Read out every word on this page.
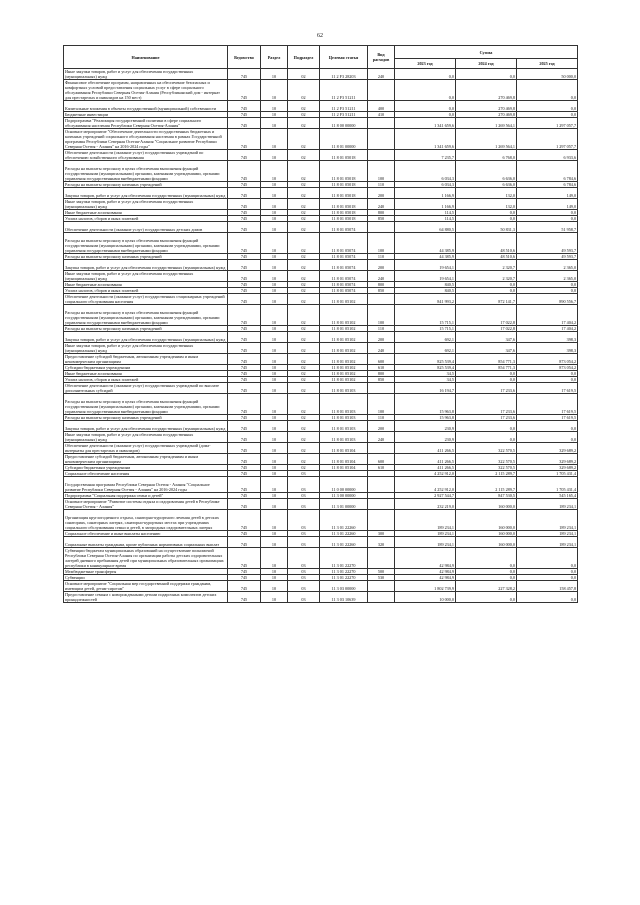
62
Наименование	Ведомство	Раздел	Подраздел	Целевая статья	Вид расходов	Сумма		
						2023 год	2024 год	2025 год
Иные закупки товаров, работ и услуг для обеспечения государственных (муниципальных) нужд	745	10	02	11 2 F3 28203	240	0,0	0,0	50 000,0
Финансовое обеспечение программ, направленных на обеспечение безопасных и комфортных условий предоставления социальных услуг в сфере социального обслуживания Республики Северная Осетия-Алания (Республиканский дом - интернат для престарелых и инвалидов на 150 мест)	745	10	02	11 2 F3 51211		0,0	270 469,8	0,0
Капитальные вложения в объекты государственной (муниципальной) собственности	745	10	02	11 2 F3 51211	400	0,0	270 469,8	0,0
Бюджетные инвестиции	745	10	02	11 2 F3 51211	410	0,0	270 469,8	0,0
Подпрограмма "Реализация государственной политики в сфере социального обслуживания населения Республики Северная Осетия-Алания"	745	10	02	11 8 00 00000		1 341 659,6	1 269 564,1	1 297 057,7
Основное мероприятие "Обеспечение деятельности государственных бюджетных и казенных учреждений социального обслуживания населения в рамках Государственной программы Республики Северная Осетия-Алания "Социальное развитие Республики Северная Осетия - Алания" на 2016-2024 годы"	745	10	02	11 8 01 00000		1 341 659,6	1 269 564,1	1 297 057,7
Обеспечение деятельности (оказание услуг) государственных учреждений по обеспечению хозяйственного обслуживания	745	10	02	11 8 01 05018		7 235,7	6 768,0	6 933,6
Расходы на выплаты персоналу в целях обеспечения выполнения функций государственными (муниципальными) органами, казенными учреждениями, органами управления государственными внебюджетными фондами	745	10	02	11 8 01 05018	100	6 034,3	6 636,0	6 784,6
Расходы на выплаты персоналу казенных учреждений	745	10	02	11 8 01 05018	110	6 034,3	6 636,0	6 784,6
Закупка товаров, работ и услуг для обеспечения государственных (муниципальных) нужд	745	10	02	11 8 01 05018	200	1 166,9	132,0	149,0
Иные закупки товаров, работ и услуг для обеспечения государственных (муниципальных) нужд	745	10	02	11 8 01 05018	240	1 166,9	132,0	149,0
Иные бюджетные ассигнования	745	10	02	11 8 01 05018	800	114,5	0,0	0,0
Уплата налогов, сборов и иных платежей	745	10	02	11 8 01 05018	850	114,5	0,0	0,0
Обеспечение деятельности (оказание услуг) государственных детских домов	745	10	02	11 8 01 05074		64 880,5	50 831,3	51 958,7
Расходы на выплаты персоналу в целях обеспечения выполнения функций государственными (муниципальными) органами, казенными учреждениями, органами управления государственными внебюджетными фондами	745	10	02	11 8 01 05074	100	44 385,9	48 510,6	49 593,7
Расходы на выплаты персоналу казенных учреждений	745	10	02	11 8 01 05074	110	44 385,9	48 510,6	49 593,7
Закупка товаров, работ и услуг для обеспечения государственных (муниципальных) нужд	745	10	02	11 8 01 05074	200	19 654,1	2 320,7	2 365,0
Иные закупки товаров, работ и услуг для обеспечения государственных (муниципальных) нужд	745	10	02	11 8 01 05074	240	19 654,1	2 320,7	2 365,0
Иные бюджетные ассигнования	745	10	02	11 8 01 05074	800	840,5	0,0	0,0
Уплата налогов, сборов и иных платежей	745	10	02	11 8 01 05074	850	840,5	0,0	0,0
Обеспечение деятельности (оказание услуг) государственных стационарных учреждений социального обслуживания населения	745	10	02	11 8 01 05102		841 993,2	872 141,7	890 556,7
Расходы на выплаты персоналу в целях обеспечения выполнения функций государственными (муниципальными) органами, казенными учреждениями, органами управления государственными внебюджетными фондами	745	10	02	11 8 01 05102	100	15 715,1	17 022,8	17 404,2
Расходы на выплаты персоналу казенных учреждений	745	10	02	11 8 01 05102	110	15 715,1	17 022,8	17 404,2
Закупка товаров, работ и услуг для обеспечения государственных (муниципальных) нужд	745	10	02	11 8 01 05102	200	692,1	347,6	398,3
Иные закупки товаров, работ и услуг для обеспечения государственных (муниципальных) нужд	745	10	02	11 8 01 05102	240	692,1	347,6	398,3
Предоставление субсидий бюджетным, автономным учреждениям и иным некоммерческим организациям	745	10	02	11 8 01 05102	600	825 539,4	854 771,3	873 054,2
Субсидии бюджетным учреждениям	745	10	02	11 8 01 05102	610	825 539,4	854 771,3	873 054,2
Иные бюджетные ассигнования	745	10	02	11 8 01 05102	800	34,5	0,0	0,0
Уплата налогов, сборов и иных платежей	745	10	02	11 8 01 05102	850	34,5	0,0	0,0
Обеспечение деятельности (оказание услуг) государственных учреждений по выплате дополнительных субсидий	745	10	02	11 8 01 05103		16 194,7	17 233,6	17 619,5
Расходы на выплаты персоналу в целях обеспечения выполнения функций государственными (муниципальными) органами, казенными учреждениями, органами управления государственными внебюджетными фондами	745	10	02	11 8 01 05103	100	15 963,8	17 233,6	17 619,5
Расходы на выплаты персоналу казенных учреждений	745	10	02	11 8 01 05103	110	15 963,8	17 233,6	17 619,5
Закупка товаров, работ и услуг для обеспечения государственных (муниципальных) нужд	745	10	02	11 8 01 05103	200	230,9	0,0	0,0
Иные закупки товаров, работ и услуг для обеспечения государственных (муниципальных) нужд	745	10	02	11 8 01 05103	240	230,9	0,0	0,0
Обеспечение деятельности (оказание услуг) государственных учреждений (дома-интернаты для престарелых и инвалидов)	745	10	02	11 8 01 05104		411 266,5	322 570,5	329 689,2
Предоставление субсидий бюджетным, автономным учреждениям и иным некоммерческим организациям	745	10	02	11 8 01 05104	600	411 266,5	322 570,5	329 689,2
Субсидии бюджетным учреждениям	745	10	02	11 8 01 05104	610	411 266,5	322 570,5	329 689,2
Социальное обеспечение населения	745	10	03			4 252 912,0	2 115 289,7	1 705 431,4
Государственная программа Республики Северная Осетия - Алания "Социальное развитие Республики Северная Осетия - Алания" на 2016-2024 годы	745	10	03	11 0 00 00000		4 252 912,0	2 115 289,7	1 705 431,4
Подпрограмма "Социальная поддержка семьи и детей"	745	10	03	11 3 00 00000		2 927 544,7	847 530,5	545 165,4
Основное мероприятие "Развитие системы отдыха и оздоровления детей в Республике Северная Осетия - Алания"	745	10	03	11 3 01 00000		232 219,0	160 000,0	189 234,1
Организация круглогодичного отдыха, санаторно-курортного лечения детей в детских санаториях, санаторных лагерях, санаторно-курортных местах при учреждениях социального обслуживания семьи и детей, в загородных оздоровительных лагерях	745	10	03	11 3 01 22260		189 234,1	160 000,0	189 234,1
Социальное обеспечение и иные выплаты населению	745	10	03	11 3 01 22260	300	189 234,1	160 000,0	189 234,1
Социальные выплаты гражданам, кроме публичных нормативных социальных выплат	745	10	03	11 3 01 22260	320	189 234,1	160 000,0	189 234,1
Субвенции бюджетам муниципальных образований на осуществление полномочий Республики Северная Осетия-Алания по организации работы детских оздоровительных лагерей дневного пребывания детей при муниципальных образовательных организациях республики в каникулярное время	745	10	03	11 3 01 22270		42 984,9	0,0	0,0
Межбюджетные трансферты	745	10	03	11 3 01 22270	500	42 984,9	0,0	0,0
Субвенции	745	10	03	11 3 01 22270	530	42 984,9	0,0	0,0
Основное мероприятие "Социальная мер государственной поддержки гражданам, имеющим детей, детям-сиротам"	745	10	03	11 3 03 00000		1 802 739,9	227 328,2	158 457,8
Предоставление семьям с новорожденными детьми подарочных комплектов детских принадлежностей	745	10	03	11 3 03 10639		10 000,0	0,0	0,0
